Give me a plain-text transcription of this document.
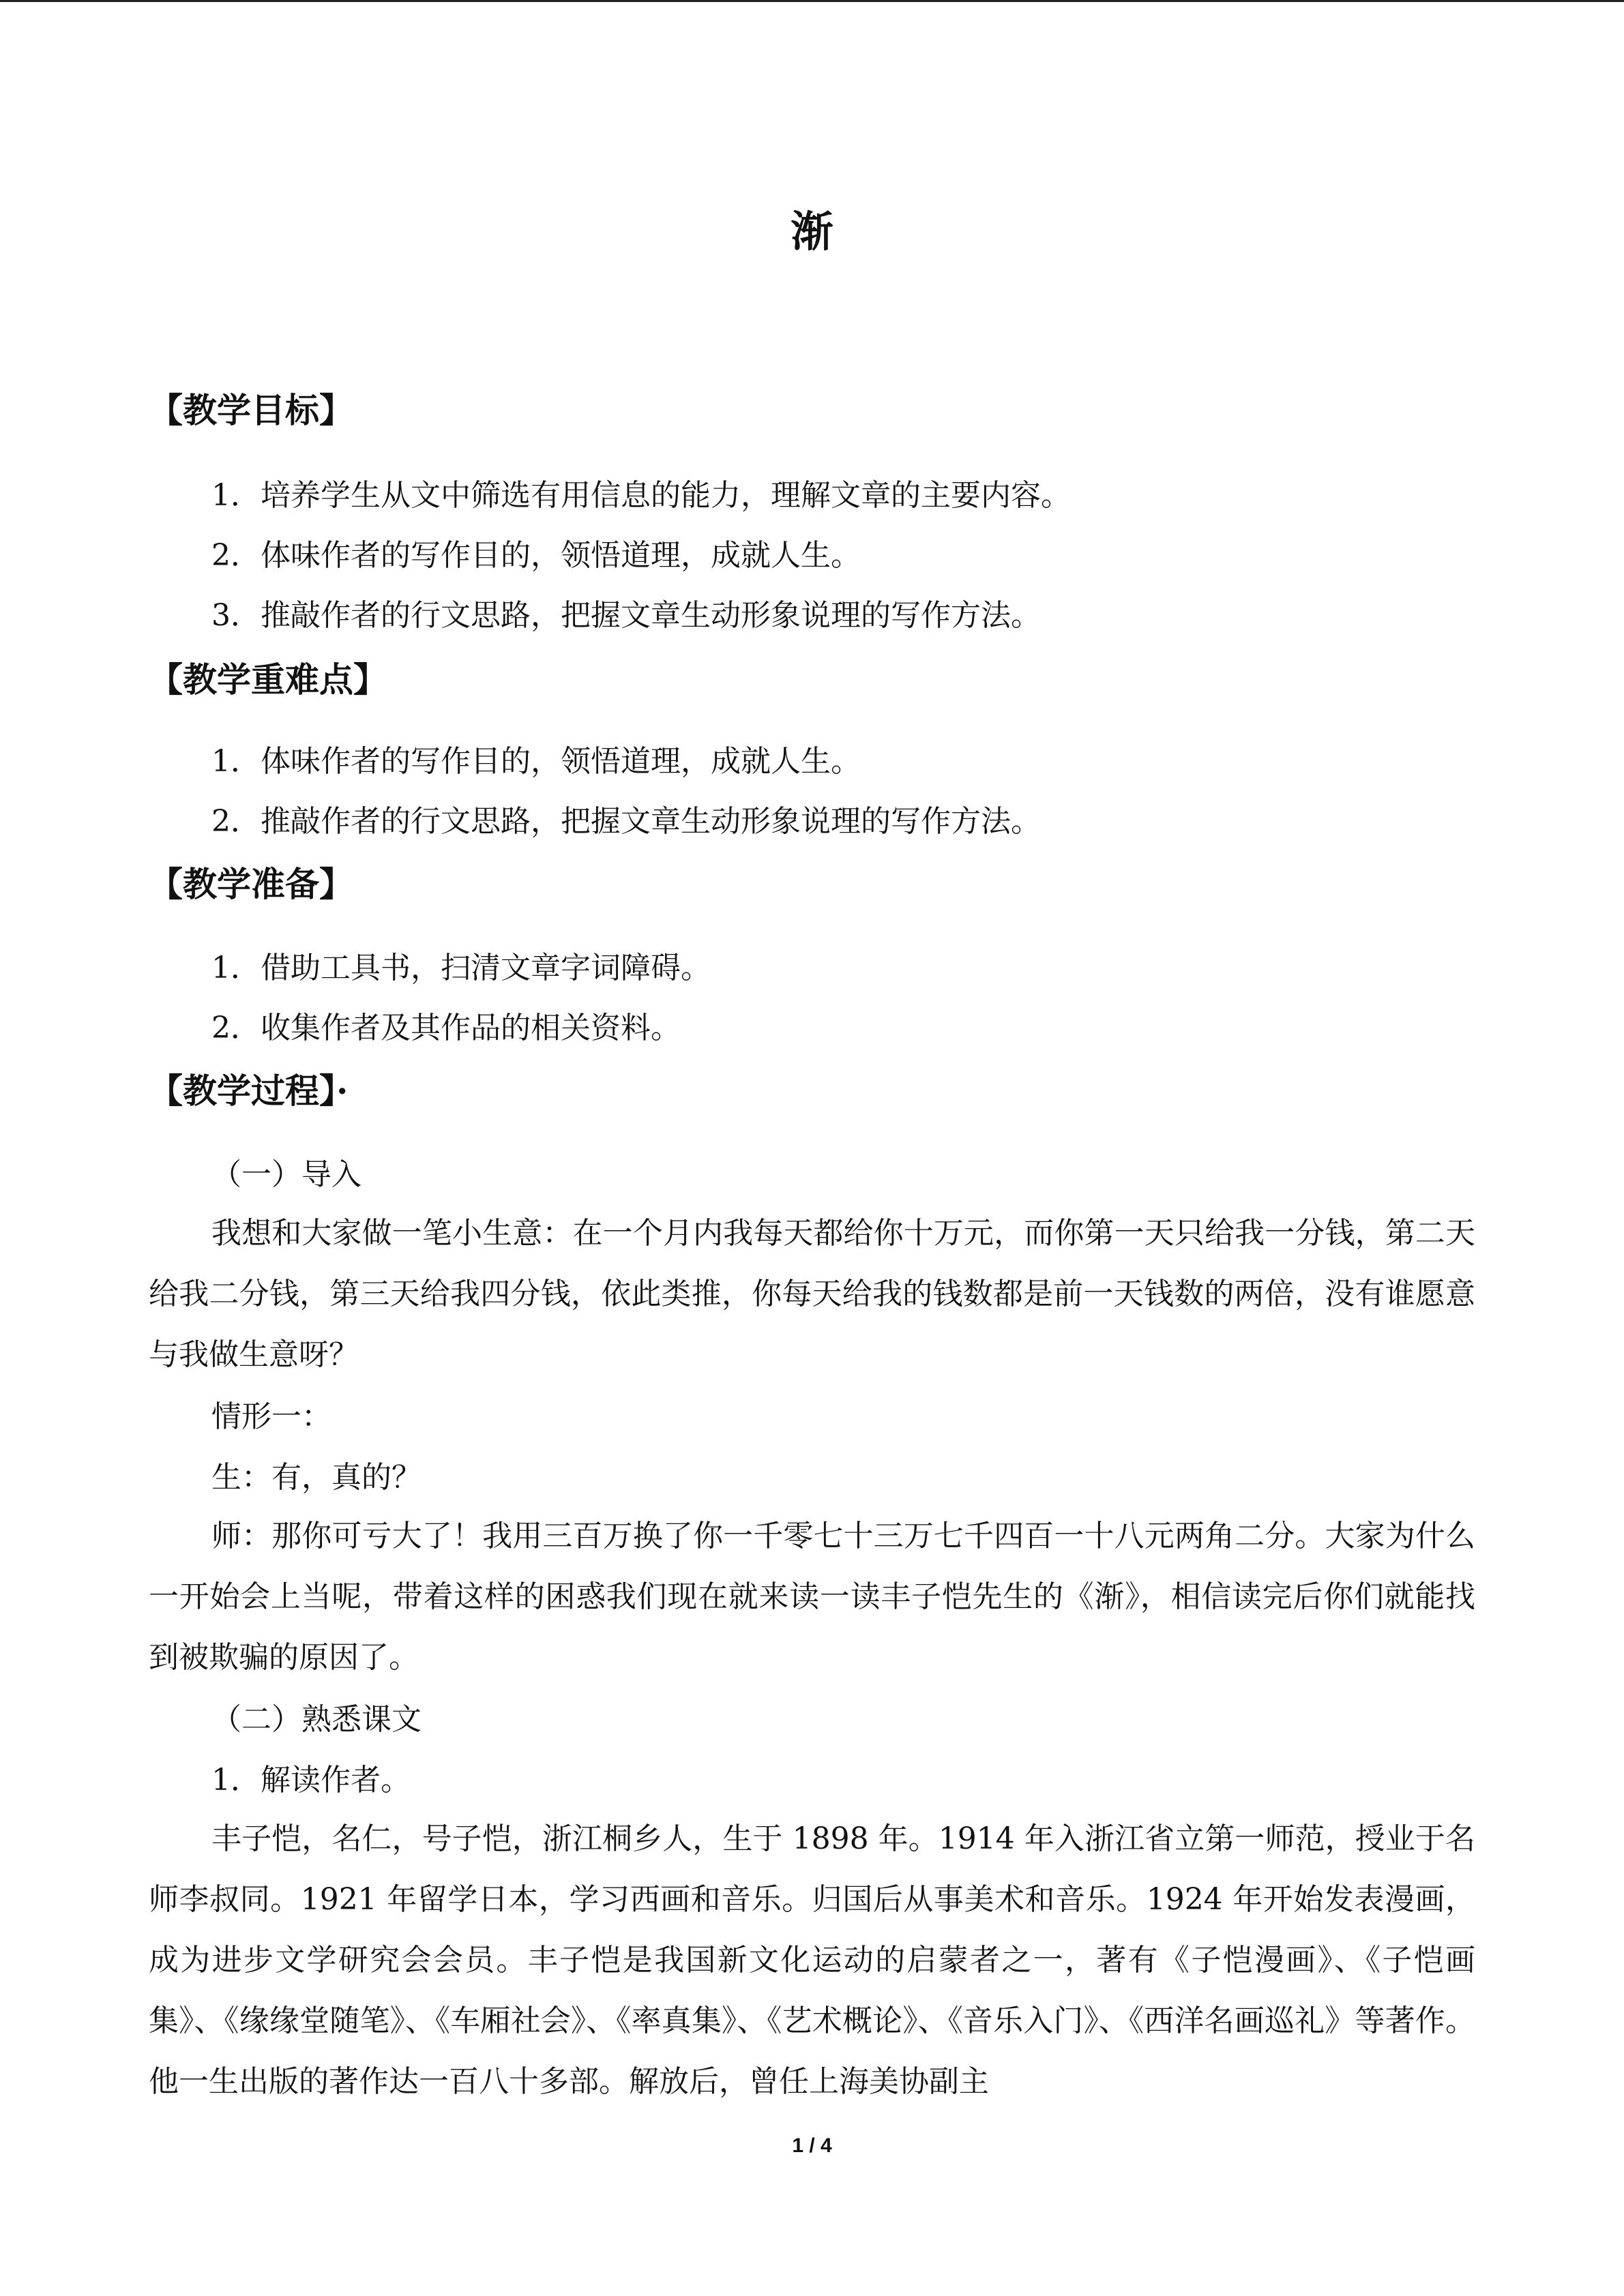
渐
【教学目标】
1．培养学生从文中筛选有用信息的能力，理解文章的主要内容。
2．体味作者的写作目的，领悟道理，成就人生。
3．推敲作者的行文思路，把握文章生动形象说理的写作方法。
【教学重难点】
1．体味作者的写作目的，领悟道理，成就人生。
2．推敲作者的行文思路，把握文章生动形象说理的写作方法。
【教学准备】
1．借助工具书，扫清文章字词障碍。
2．收集作者及其作品的相关资料。
【教学过程】·
（一）导入

我想和大家做一笔小生意：在一个月内我每天都给你十万元，而你第一天只给我一分钱，第二天给我二分钱，第三天给我四分钱，依此类推，你每天给我的钱数都是前一天钱数的两倍，没有谁愿意与我做生意呀？

情形一：
生：有，真的？

师：那你可亏大了！我用三百万换了你一千零七十三万七千四百一十八元两角二分。大家为什么一开始会上当呢，带着这样的困惑我们现在就来读一读丰子恺先生的《渐》，相信读完后你们就能找到被欺骗的原因了。

（二）熟悉课文
1．解读作者。

丰子恺，名仁，号子恺，浙江桐乡人，生于 1898 年。1914 年入浙江省立第一师范，授业于名师李叔同。1921 年留学日本，学习西画和音乐。归国后从事美术和音乐。1924 年开始发表漫画，成为进步文学研究会会员。丰子恺是我国新文化运动的启蒙者之一，著有《子恺漫画》、《子恺画集》、《缘缘堂随笔》、《车厢社会》、《率真集》、《艺术概论》、《音乐入门》、《西洋名画巡礼》等著作。他一生出版的著作达一百八十多部。解放后，曾任上海美协副主

1 / 4
